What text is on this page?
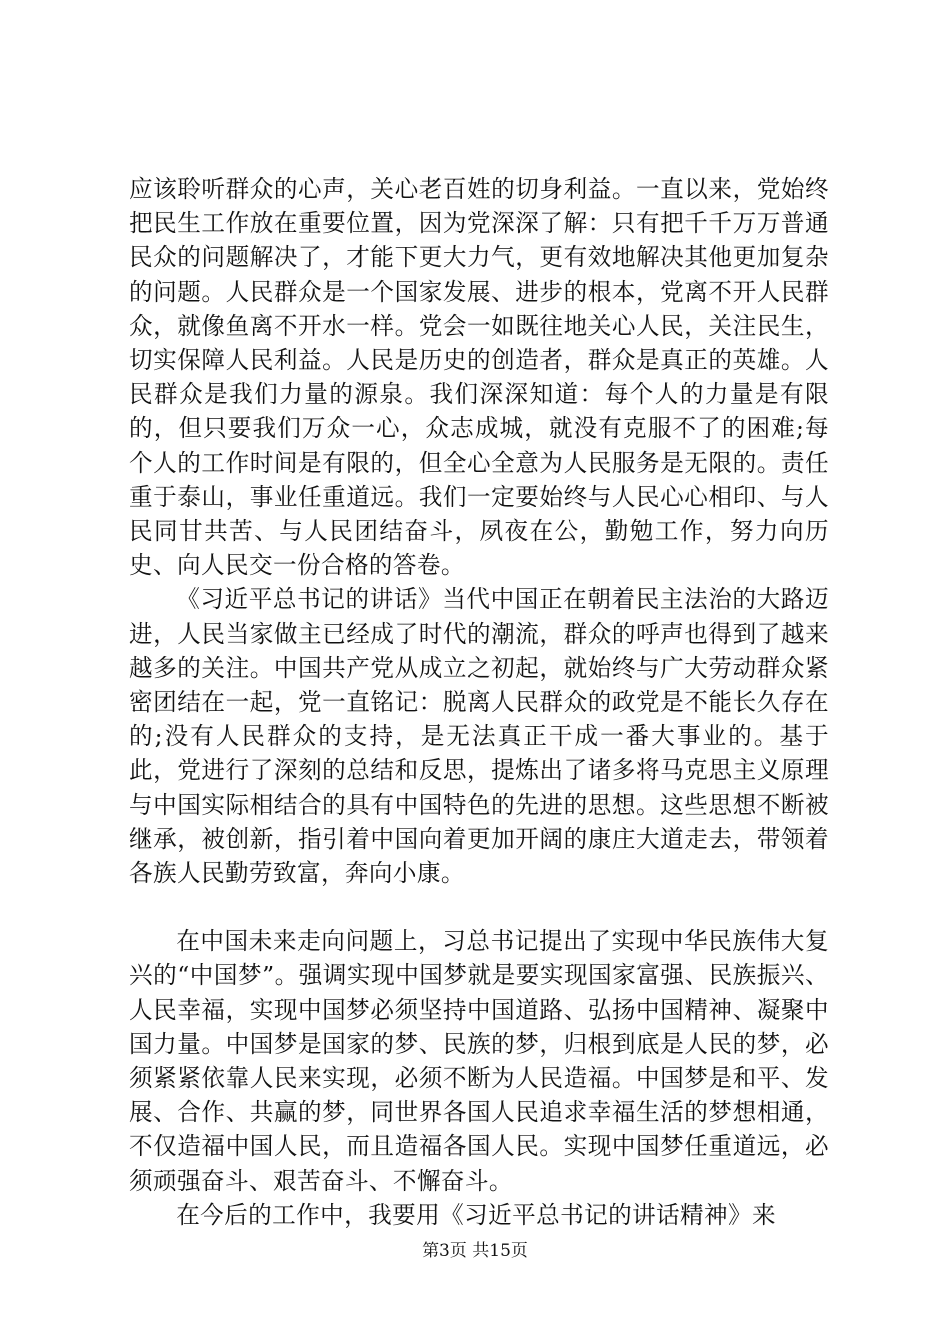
应该聆听群众的心声，关心老百姓的切身利益。一直以来，党始终把民生工作放在重要位置，因为党深深了解：只有把千千万万普通民众的问题解决了，才能下更大力气，更有效地解决其他更加复杂的问题。人民群众是一个国家发展、进步的根本，党离不开人民群众，就像鱼离不开水一样。党会一如既往地关心人民，关注民生，切实保障人民利益。人民是历史的创造者，群众是真正的英雄。人民群众是我们力量的源泉。我们深深知道：每个人的力量是有限的，但只要我们万众一心，众志成城，就没有克服不了的困难;每个人的工作时间是有限的，但全心全意为人民服务是无限的。责任重于泰山，事业任重道远。我们一定要始终与人民心心相印、与人民同甘共苦、与人民团结奋斗，夙夜在公，勤勉工作，努力向历史、向人民交一份合格的答卷。

《习近平总书记的讲话》当代中国正在朝着民主法治的大路迈进，人民当家做主已经成了时代的潮流，群众的呼声也得到了越来越多的关注。中国共产党从成立之初起，就始终与广大劳动群众紧密团结在一起，党一直铭记：脱离人民群众的政党是不能长久存在的;没有人民群众的支持，是无法真正干成一番大事业的。基于此，党进行了深刻的总结和反思，提炼出了诸多将马克思主义原理与中国实际相结合的具有中国特色的先进的思想。这些思想不断被继承，被创新，指引着中国向着更加开阔的康庄大道走去，带领着各族人民勤劳致富，奔向小康。

在中国未来走向问题上，习总书记提出了实现中华民族伟大复兴的“中国梦”。强调实现中国梦就是要实现国家富强、民族振兴、人民幸福，实现中国梦必须坚持中国道路、弘扬中国精神、凝聚中国力量。中国梦是国家的梦、民族的梦，归根到底是人民的梦，必须紧紧依靠人民来实现，必须不断为人民造福。中国梦是和平、发展、合作、共赢的梦，同世界各国人民追求幸福生活的梦想相通，不仅造福中国人民，而且造福各国人民。实现中国梦任重道远，必须顽强奋斗、艰苦奋斗、不懈奋斗。

在今后的工作中，我要用《习近平总书记的讲话精神》来

第3页 共15页
